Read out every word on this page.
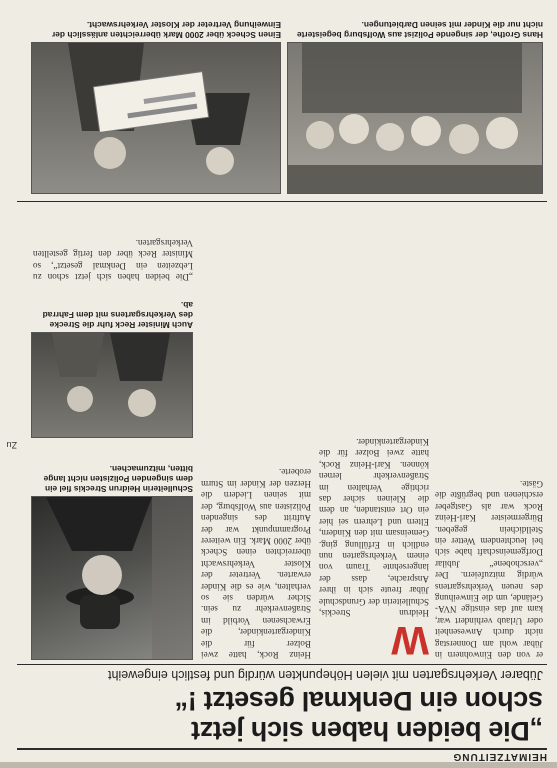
HEIMATZEITUNG
„Die beiden haben sich jetzt
schon ein Denkmal gesetzt !“
Jübarer Verkehrsgarten mit vielen Höhepunkten würdig und festlich eingeweiht
W er von den Einwohnern in Jübar wohl am Donnerstag nicht durch Anwesenheit oder Urlaub verhindert war, kam auf das einstige NVA-Gelände, um die Einweihung des neuen Verkehrsgartens würdig mitzufeiern. Der „verschobene“ Jubilar Dorfgemeinschaft habe sich bei leuchtendem Wetter ein Stelldichein gegeben. Bürgermeister Karl-Heinz Rock war als Gastgeber erschienen und begrüßte die Gäste.
Heidrun Streckis, Schulleiterin der Grundschule Jübar freute sich in ihrer Ansprache, dass der langersehnte Traum von einem Verkehrsgarten nun endlich in Erfüllung ging. Gemeinsam mit den Kindern, Eltern und Lehrern sei hier ein Ort entstanden, an dem die Kleinen sicher das richtige Verhalten im Straßenverkehr lernen können. Karl-Heinz Rock, hatte zwei Bolzer für die Kindergartenkinder.
Heinz Rock, hatte zwei Bolzer für die Kindergartenkinder, die Erwachsenen Vorbild im Straßenverkehr zu sein. Sicher würden sie so verhalten, wie es die Kinder erwarten. Vertreter der Kloster Verkehrswacht überreichten einen Scheck über 2000 Mark. Ein weiterer Programmpunkt war der Auftritt des singenden Polizisten aus Wolfsburg, der mit seinen Liedern die Herzen der Kinder im Sturm eroberte.
Schulleiterin Heidrun Streckis fiel ein dem singenden Polizisten nicht lange bitten, mitzumachen.
Auch Minister Reck fuhr die Strecke des Verkehrsgartens mit dem Fahrrad ab.
„Die beiden haben sich jetzt schon zu Lebzeiten ein Denkmal gesetzt“, so Minister Reck über den fertig gestellten Verkehrsgarten.
Hans Grothe, der singende Polizist aus Wolfsburg begeisterte nicht nur die Kinder mit seinen Darbietungen.
Einen Scheck über 2000 Mark überreichten anlässlich der Einweihung Vertreter der Kloster Verkehrswacht.
Zu
